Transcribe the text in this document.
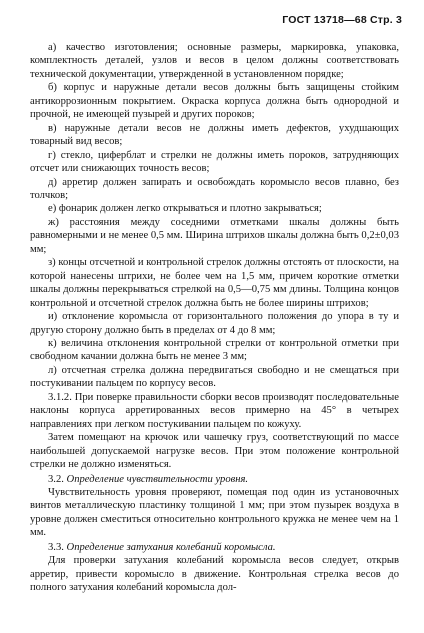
ГОСТ 13718—68 Стр. 3

а) качество изготовления; основные размеры, маркировка, упаковка, комплектность деталей, узлов и весов в целом должны соответствовать технической документации, утвержденной в установленном порядке;

б) корпус и наружные детали весов должны быть защищены стойким антикоррозионным покрытием. Окраска корпуса должна быть однородной и прочной, не имеющей пузырей и других пороков;

в) наружные детали весов не должны иметь дефектов, ухудшающих товарный вид весов;

г) стекло, циферблат и стрелки не должны иметь пороков, затрудняющих отсчет или снижающих точность весов;

д) арретир должен запирать и освобождать коромысло весов плавно, без толчков;

е) фонарик должен легко открываться и плотно закрываться;

ж) расстояния между соседними отметками шкалы должны быть равномерными и не менее 0,5 мм. Ширина штрихов шкалы должна быть 0,2±0,03 мм;

з) концы отсчетной и контрольной стрелок должны отстоять от плоскости, на которой нанесены штрихи, не более чем на 1,5 мм, причем короткие отметки шкалы должны перекрываться стрелкой на 0,5—0,75 мм длины. Толщина концов контрольной и отсчетной стрелок должна быть не более ширины штрихов;

и) отклонение коромысла от горизонтального положения до упора в ту и другую сторону должно быть в пределах от 4 до 8 мм;

к) величина отклонения контрольной стрелки от контрольной отметки при свободном качании должна быть не менее 3 мм;

л) отсчетная стрелка должна передвигаться свободно и не смещаться при постукивании пальцем по корпусу весов.

3.1.2. При поверке правильности сборки весов производят последовательные наклоны корпуса арретированных весов примерно на 45° в четырех направлениях при легком постукивании пальцем по кожуху.

Затем помещают на крючок или чашечку груз, соответствующий по массе наибольшей допускаемой нагрузке весов. При этом положение контрольной стрелки не должно изменяться.

3.2. Определение чувствительности уровня.

Чувствительность уровня проверяют, помещая под один из установочных винтов металлическую пластинку толщиной 1 мм; при этом пузырек воздуха в уровне должен сместиться относительно контрольного кружка не менее чем на 1 мм.

3.3. Определение затухания колебаний коромысла.

Для проверки затухания колебаний коромысла весов следует, открыв арретир, привести коромысло в движение. Контрольная стрелка весов до полного затухания колебаний коромысла дол-
